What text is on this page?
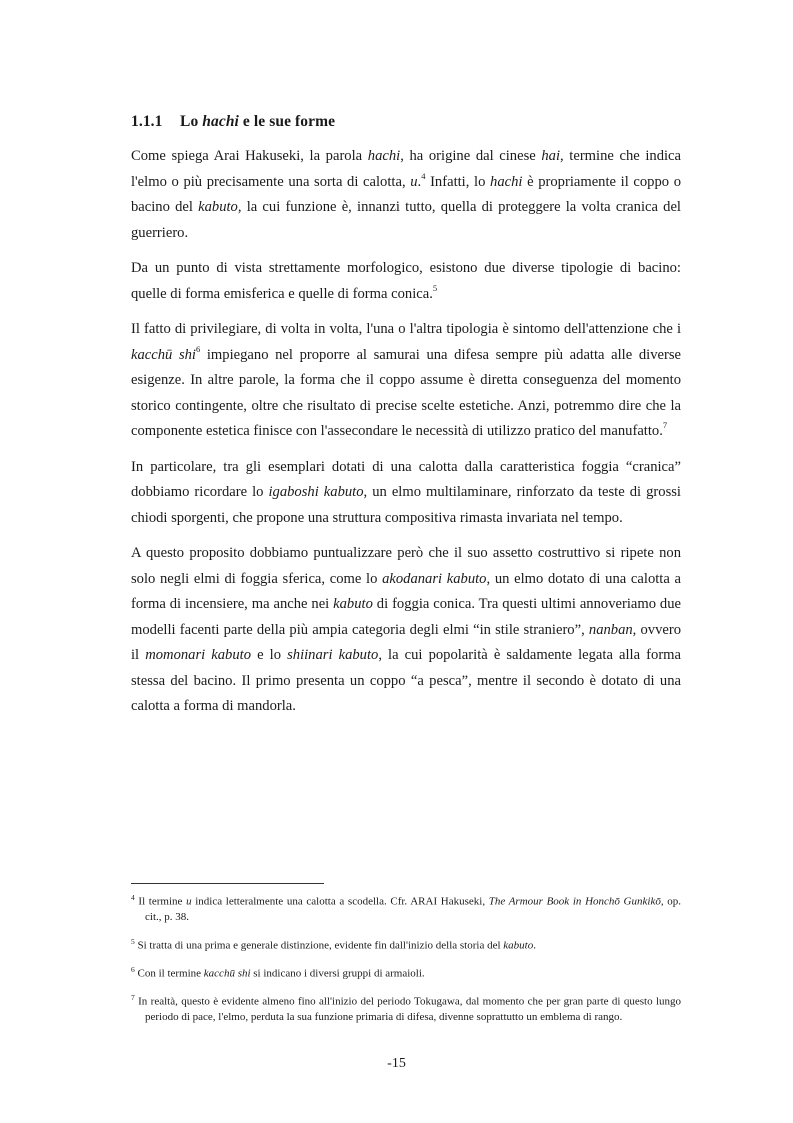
1.1.1 Lo hachi e le sue forme

Come spiega Arai Hakuseki, la parola hachi, ha origine dal cinese hai, termine che indica l'elmo o più precisamente una sorta di calotta, u.$^4$ Infatti, lo hachi è propriamente il coppo o bacino del kabuto, la cui funzione è, innanzi tutto, quella di proteggere la volta cranica del guerriero.

Da un punto di vista strettamente morfologico, esistono due diverse tipologie di bacino: quelle di forma emisferica e quelle di forma conica.$^5$

Il fatto di privilegiare, di volta in volta, l'una o l'altra tipologia è sintomo dell'attenzione che i kacchū shi$^6$ impiegano nel proporre al samurai una difesa sempre più adatta alle diverse esigenze. In altre parole, la forma che il coppo assume è diretta conseguenza del momento storico contingente, oltre che risultato di precise scelte estetiche. Anzi, potremmo dire che la componente estetica finisce con l'assecondare le necessità di utilizzo pratico del manufatto.$^7$

In particolare, tra gli esemplari dotati di una calotta dalla caratteristica foggia “cranica” dobbiamo ricordare lo igaboshi kabuto, un elmo multilaminare, rinforzato da teste di grossi chiodi sporgenti, che propone una struttura compositiva rimasta invariata nel tempo.

A questo proposito dobbiamo puntualizzare però che il suo assetto costruttivo si ripete non solo negli elmi di foggia sferica, come lo akodanari kabuto, un elmo dotato di una calotta a forma di incensiere, ma anche nei kabuto di foggia conica. Tra questi ultimi annoveriamo due modelli facenti parte della più ampia categoria degli elmi “in stile straniero”, nanban, ovvero il momonari kabuto e lo shiinari kabuto, la cui popolarità è saldamente legata alla forma stessa del bacino. Il primo presenta un coppo “a pesca”, mentre il secondo è dotato di una calotta a forma di mandorla.

$^4$ Il termine u indica letteralmente una calotta a scodella. Cfr. ARAI Hakuseki, The Armour Book in Honchō Gunkikō, op. cit., p. 38.
$^5$ Si tratta di una prima e generale distinzione, evidente fin dall'inizio della storia del kabuto.
$^6$ Con il termine kacchū shi si indicano i diversi gruppi di armaioli.
$^7$ In realtà, questo è evidente almeno fino all'inizio del periodo Tokugawa, dal momento che per gran parte di questo lungo periodo di pace, l'elmo, perduta la sua funzione primaria di difesa, divenne soprattutto un emblema di rango.
-15
